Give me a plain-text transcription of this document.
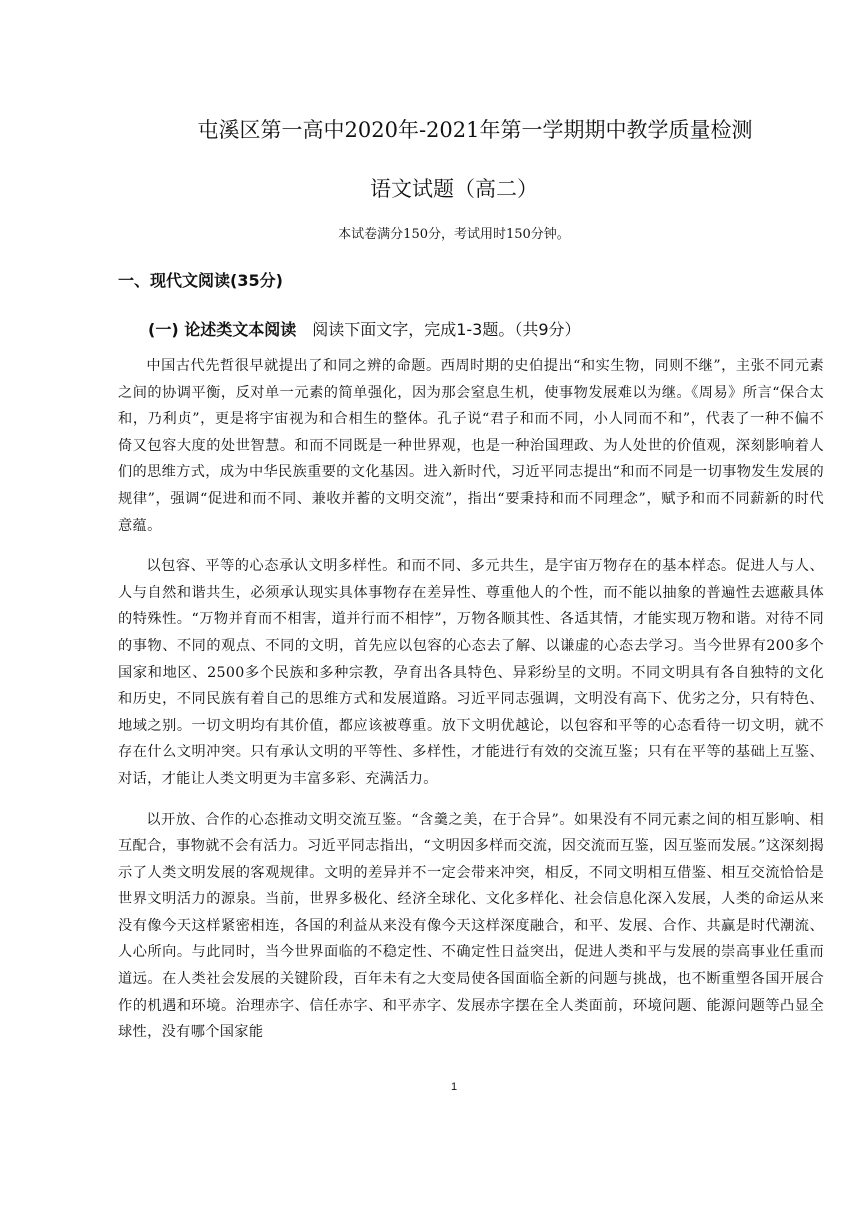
屯溪区第一高中2020年-2021年第一学期期中教学质量检测
语文试题（高二）
本试卷满分150分，考试用时150分钟。
一、现代文阅读(35分)
(一) 论述类文本阅读 阅读下面文字，完成1-3题。（共9分）

中国古代先哲很早就提出了和同之辨的命题。西周时期的史伯提出“和实生物，同则不继”，主张不同元素之间的协调平衡，反对单一元素的简单强化，因为那会窒息生机，使事物发展难以为继。《周易》所言“保合太和，乃利贞”，更是将宇宙视为和合相生的整体。孔子说“君子和而不同，小人同而不和”，代表了一种不偏不倚又包容大度的处世智慧。和而不同既是一种世界观，也是一种治国理政、为人处世的价值观，深刻影响着人们的思维方式，成为中华民族重要的文化基因。进入新时代，习近平同志提出“和而不同是一切事物发生发展的规律”，强调“促进和而不同、兼收并蓄的文明交流”，指出“要秉持和而不同理念”，赋予和而不同薪新的时代意蕴。

以包容、平等的心态承认文明多样性。和而不同、多元共生，是宇宙万物存在的基本样态。促进人与人、人与自然和谐共生，必须承认现实具体事物存在差异性、尊重他人的个性，而不能以抽象的普遍性去遮蔽具体的特殊性。“万物并育而不相害，道并行而不相悖”，万物各顺其性、各适其情，才能实现万物和谐。对待不同的事物、不同的观点、不同的文明，首先应以包容的心态去了解、以谦虚的心态去学习。当今世界有200多个国家和地区、2500多个民族和多种宗教，孕育出各具特色、异彩纷呈的文明。不同文明具有各自独特的文化和历史，不同民族有着自己的思维方式和发展道路。习近平同志强调，文明没有高下、优劣之分，只有特色、地域之别。一切文明均有其价值，都应该被尊重。放下文明优越论，以包容和平等的心态看待一切文明，就不存在什么文明冲突。只有承认文明的平等性、多样性，才能进行有效的交流互鉴；只有在平等的基础上互鉴、对话，才能让人类文明更为丰富多彩、充满活力。

以开放、合作的心态推动文明交流互鉴。“含羹之美，在于合异”。如果没有不同元素之间的相互影响、相互配合，事物就不会有活力。习近平同志指出，“文明因多样而交流，因交流而互鉴，因互鉴而发展。”这深刻揭示了人类文明发展的客观规律。文明的差异并不一定会带来冲突，相反，不同文明相互借鉴、相互交流恰恰是世界文明活力的源泉。当前，世界多极化、经济全球化、文化多样化、社会信息化深入发展，人类的命运从来没有像今天这样紧密相连，各国的利益从来没有像今天这样深度融合，和平、发展、合作、共赢是时代潮流、人心所向。与此同时，当今世界面临的不稳定性、不确定性日益突出，促进人类和平与发展的崇高事业任重而道远。在人类社会发展的关键阶段，百年未有之大变局使各国面临全新的问题与挑战，也不断重塑各国开展合作的机遇和环境。治理赤字、信任赤字、和平赤字、发展赤字摆在全人类面前，环境问题、能源问题等凸显全球性，没有哪个国家能

1
